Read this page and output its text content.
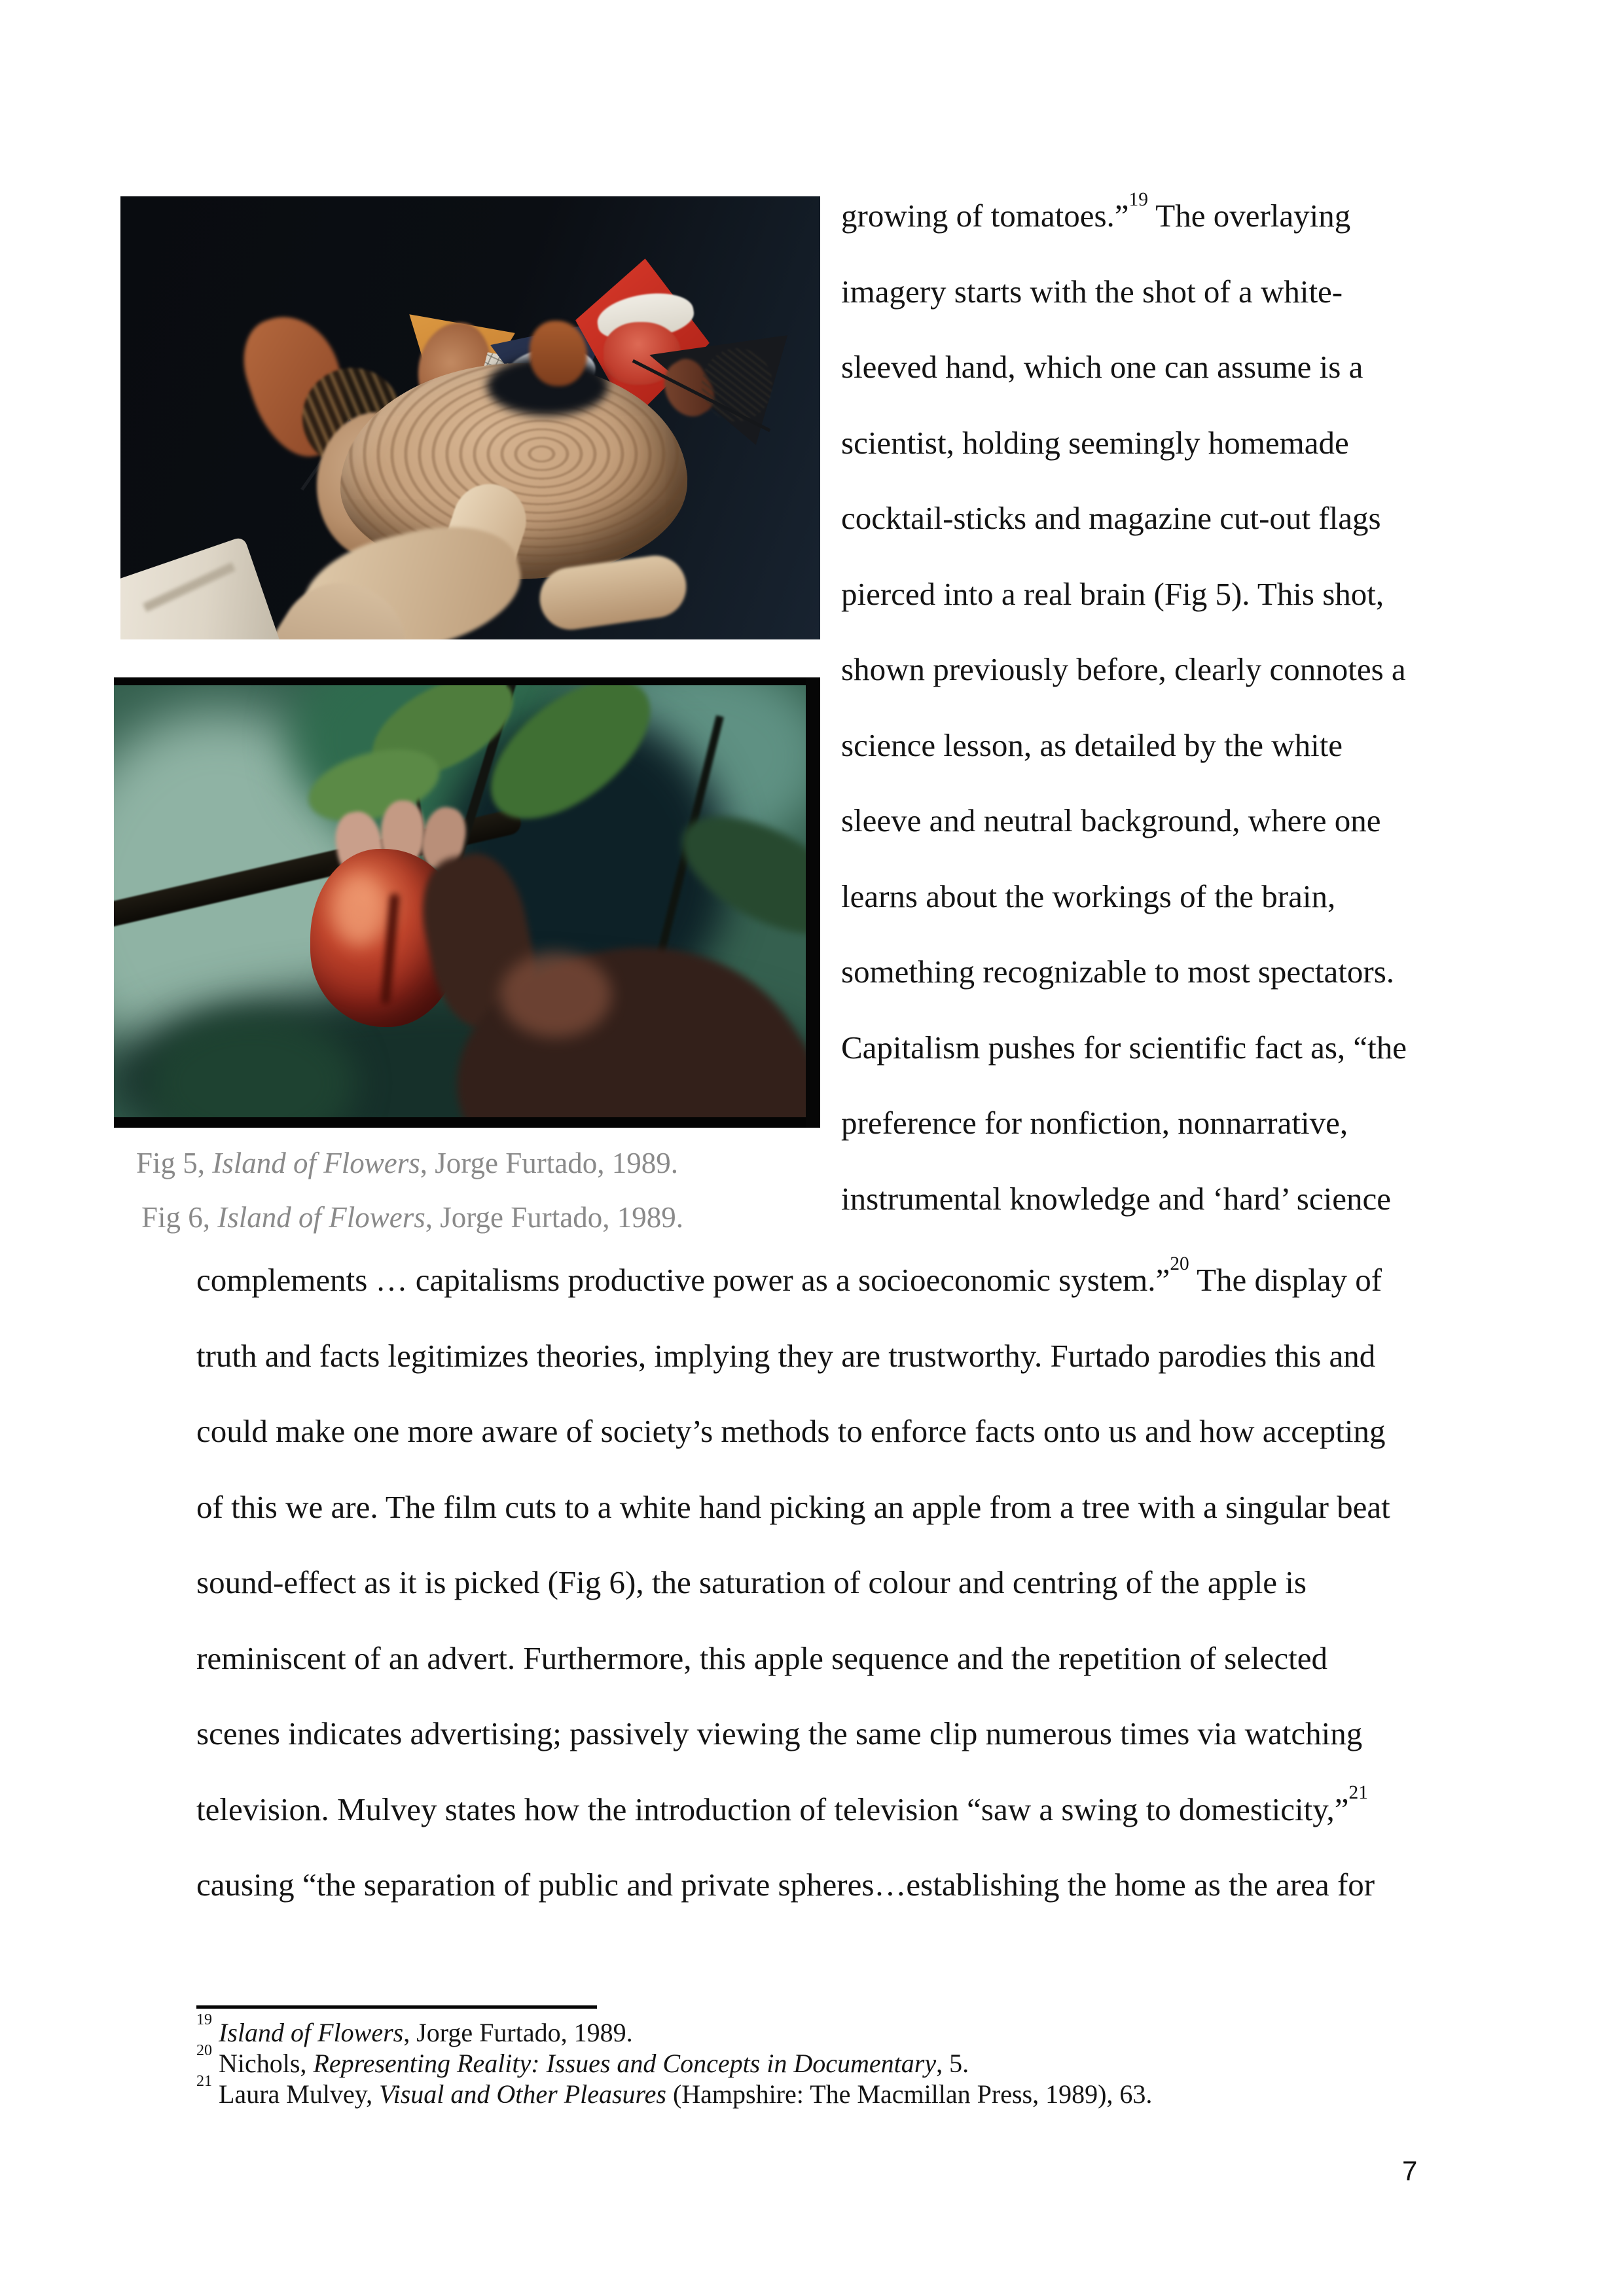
growing of tomatoes.”$^{19}$ The overlaying
imagery starts with the shot of a white-
sleeved hand, which one can assume is a
scientist, holding seemingly homemade
cocktail-sticks and magazine cut-out flags
pierced into a real brain (Fig 5). This shot,
shown previously before, clearly connotes a
science lesson, as detailed by the white
sleeve and neutral background, where one
learns about the workings of the brain,
something recognizable to most spectators.
Capitalism pushes for scientific fact as, “the
preference for nonfiction, nonnarrative,
instrumental knowledge and ‘hard’ science
Fig 5, Island of Flowers, Jorge Furtado, 1989.
Fig 6, Island of Flowers, Jorge Furtado, 1989.
complements … capitalisms productive power as a socioeconomic system.”$^{20}$ The display of
truth and facts legitimizes theories, implying they are trustworthy. Furtado parodies this and
could make one more aware of society’s methods to enforce facts onto us and how accepting
of this we are. The film cuts to a white hand picking an apple from a tree with a singular beat
sound-effect as it is picked (Fig 6), the saturation of colour and centring of the apple is
reminiscent of an advert. Furthermore, this apple sequence and the repetition of selected
scenes indicates advertising; passively viewing the same clip numerous times via watching
television. Mulvey states how the introduction of television “saw a swing to domesticity,”$^{21}$
causing “the separation of public and private spheres…establishing the home as the area for
$^{19}$ Island of Flowers, Jorge Furtado, 1989.
$^{20}$ Nichols, Representing Reality: Issues and Concepts in Documentary, 5.
$^{21}$ Laura Mulvey, Visual and Other Pleasures (Hampshire: The Macmillan Press, 1989), 63.
7
